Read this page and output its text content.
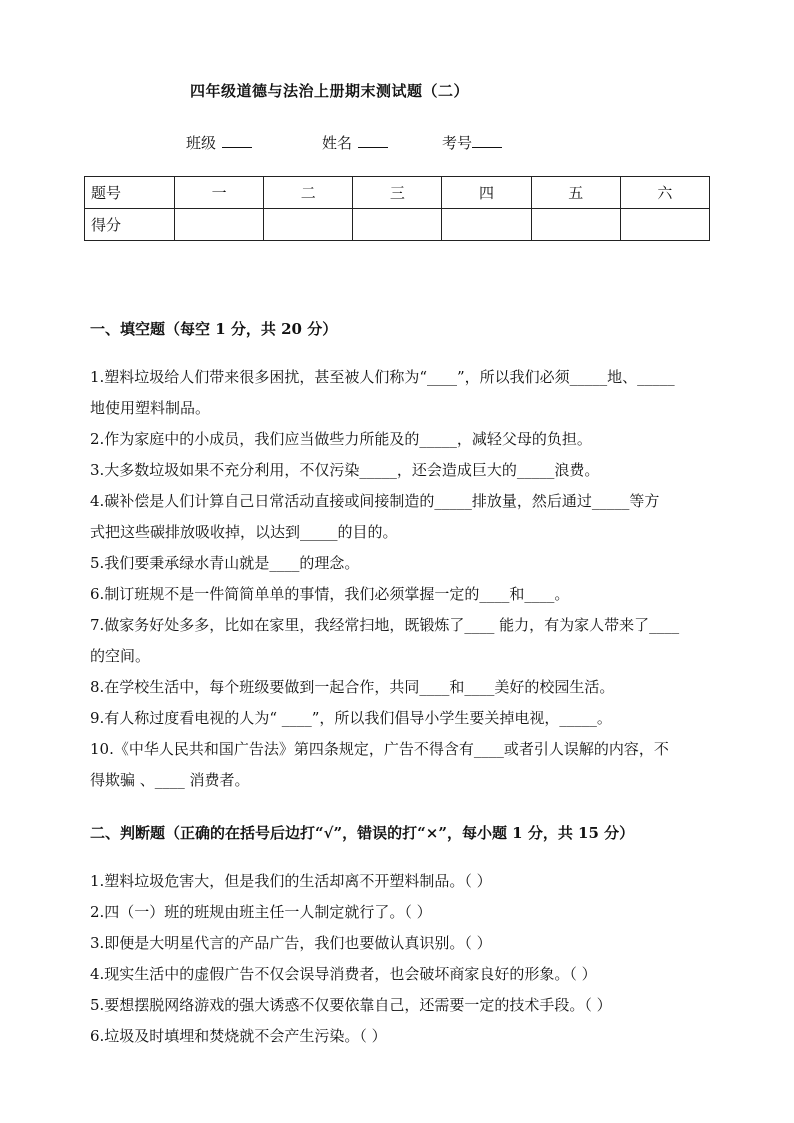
四年级道德与法治上册期末测试题（二）
班级	姓名	考号
题号	一	二	三	四	五	六
得分						
一、填空题（每空 1 分，共 20 分）
1.塑料垃圾给人们带来很多困扰，甚至被人们称为“____”，所以我们必须_____地、_____
地使用塑料制品。
2.作为家庭中的小成员，我们应当做些力所能及的_____，减轻父母的负担。
3.大多数垃圾如果不充分利用，不仅污染_____，还会造成巨大的_____浪费。
4.碳补偿是人们计算自己日常活动直接或间接制造的_____排放量，然后通过_____等方
式把这些碳排放吸收掉，以达到_____的目的。
5.我们要秉承绿水青山就是____的理念。
6.制订班规不是一件简简单单的事情，我们必须掌握一定的____和____。
7.做家务好处多多，比如在家里，我经常扫地，既锻炼了____ 能力，有为家人带来了____
的空间。
8.在学校生活中，每个班级要做到一起合作，共同____和____美好的校园生活。
9.有人称过度看电视的人为“ ____”，所以我们倡导小学生要关掉电视，_____。
10.《中华人民共和国广告法》第四条规定，广告不得含有____或者引人误解的内容，不
得欺骗 、____ 消费者。
二、判断题（正确的在括号后边打“√”，错误的打“×”，每小题 1 分，共 15 分）
1.塑料垃圾危害大，但是我们的生活却离不开塑料制品。（ ）
2.四（一）班的班规由班主任一人制定就行了。（ ）
3.即便是大明星代言的产品广告，我们也要做认真识别。（ ）
4.现实生活中的虚假广告不仅会误导消费者，也会破坏商家良好的形象。（ ）
5.要想摆脱网络游戏的强大诱惑不仅要依靠自己，还需要一定的技术手段。（ ）
6.垃圾及时填埋和焚烧就不会产生污染。（ ）
